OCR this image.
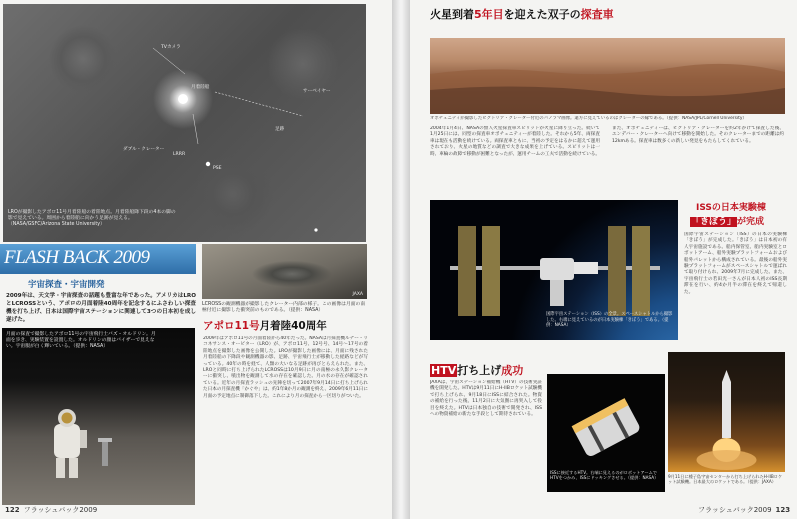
TVカメラ
月着陸船
サーベイヤー
ダブル・クレーター
LRRR
PSE
足跡
LROが撮影したアポロ11号月着陸船の着陸地点。月着陸船降下段の4本の脚の影で見えている。周囲から着陸船に向かう足跡が見える。（NASA/GSFC/Arizona State University）
FLASH BACK 2009
宇宙探査・宇宙開発
2009年は、天文学・宇宙探査の話題も豊富な年であった。アメリカはLROとLCROSSという、アポロの月面着陸40周年を記念するにふさわしい探査機を打ち上げ、日本は国際宇宙ステーションに関連して3つの日本初を成し遂げた。
JAXA
LCROSSの観測機器が撮影したクレーター内部の様子。この画像は月面の南極付近に撮影した衝突前のものである。（提供：NASA）
月面の探査で撮影したアポロ11号の宇宙飛行士バズ・オルドリン。月面を歩き、実験装置を設置した。オルドリンの顔はバイザーで見えない。宇宙服が白く輝いている。（提供：NASA）
アポロ11号月着陸40周年
2009年はアポロ11号の月面着陸から40年だった。NASAは月探査機ルナー・リコネサンス・オービター（LRO）が、アポロ11号、12号号、14号〜17号の着陸地点を撮影した画像を公開した。LROが撮影した画像には、月面に残された月着陸船の下降段や観測機器の影、足跡、宇宙飛行士が移動した経路などが写っている。40年の時を経て、人類の大いなる足跡が再びとらえられた。また、LROと同時に打ち上げられたLCROSSは10月9日に月の南極の永久影クレーターに衝突し、噴出物を観測して水の存在を確認した。月の水の存在が確認されている。近年の月探査ラッシュの先陣を切って2007年9月14日に打ち上げられた日本の月探査機「かぐや」は、約1年8か月の観測を終え、2009年6月11日に月面の予定地点に制御落下した。これにより月の探査から一区切りがついた。
122 フラッシュバック2009
火星到着5年目を迎えた双子の探査車
オポチュニティが撮影したビクトリア・クレーター付近のパノラマ画像。遠方に見えているのはクレーターの縁である。（提供：NASA/JPL/Cornell University）
2004年1月4日、NASAの無人火星探査車スピリットが火星に降り立った。続いて1月25日には、同型の探査車オポチュニティーが着陸した。それから5年、両探査車は現在も活動を続けている。両探査車ともに、当初の予定をはるかに超えて運用されており、火星の地質などの調査で大きな成果を上げている。スピリットは一時、車輪の故障で移動が困難となったが、運用チームの工夫で活動を続けている。
また、オポチュニティーは、ビクトリア・クレーターを約2年かけて探査した後、エンデバー・クレーターへ向けて移動を開始した。そのクレーターまでの距離は約12kmある。探査車は数多くの新しい発見をもたらしてくれている。
国際宇宙ステーション（ISS）の全景。スペースシャトルから撮影した。右端に見えているのが日本実験棟「きぼう」である。（提供：NASA）
ISSの日本実験棟
「きぼう」が完成
国際宇宙ステーション（ISS）の日本の実験棟「きぼう」が完成した。「きぼう」は日本初の有人宇宙施設である。船内保管室、船内実験室とロボットアーム、船外実験プラットフォームおよび船外パレットから構成されている。最後の船外実験プラットフォームがスペースシャトルで運ばれて取り付けられ、2009年7月に完成した。また、宇宙飛行士の若田光一さんが日本人初のISS長期滞在を行い、約4か月半の滞在を終えて帰還した。
HTV打ち上げ成功
JAXAは、宇宙ステーション補給機（HTV）の技術実証機を開発した。HTVは9月11日にH-IIBロケット試験機で打ち上げられ、9月18日にISSに結合された。物資の補給を行った後、11月2日に大気圏に再突入して役目を終えた。HTVは日本独自の技術で開発され、ISSへの物資補給の新たな手段として期待されている。
ISSに接近するHTV。右端に見えるのがロボットアームでHTVをつかみ、ISSにドッキングさせる。（提供：NASA）	9月11日に種子島宇宙センターから打ち上げられたH-IIBロケット試験機。日本最大のロケットである。（提供：JAXA）
フラッシュバック2009 123
